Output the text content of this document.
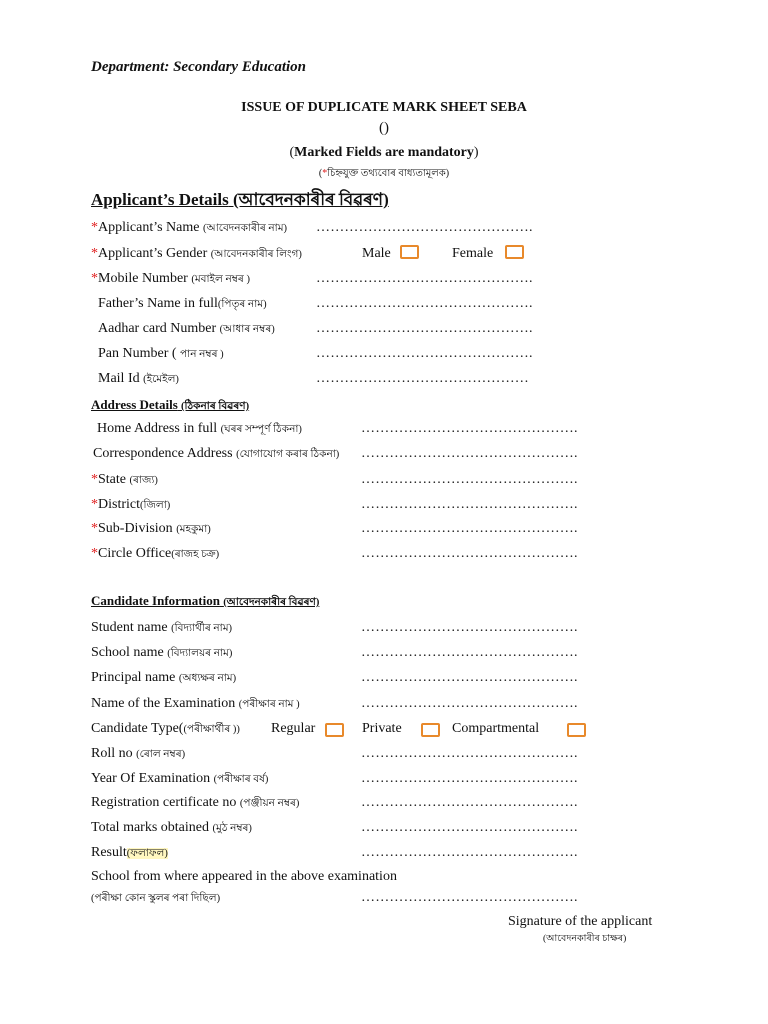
Department: Secondary Education
ISSUE OF DUPLICATE MARK SHEET SEBA
()
(Marked Fields are mandatory)
(*চিহ্নযুক্ত তথ্যবোৰ বাধ্যতামূলক)
Applicant’s Details (আবেদনকাৰীৰ বিৱৰণ)
*Applicant’s Name (আবেদনকাৰীৰ নাম) ……………………………………….
*Applicant’s Gender (আবেদনকাৰীৰ লিংগ)	Male	Female
*Mobile Number (মবাইল নম্বৰ )	……………………………………….
Father’s Name in full(পিতৃৰ নাম)	……………………………………….
Aadhar card Number (আধাৰ নম্বৰ)	……………………………………….
Pan Number ( পান নম্বৰ )	……………………………………….
Mail Id (ইমেইল)	………………………………………
Address Details (ঠিকনাৰ বিৱৰণ)
Home Address in full (ঘৰৰ সম্পূৰ্ণ ঠিকনা)	……………………………………….
Correspondence Address (যোগাযোগ কৰাৰ ঠিকনা) ……………………………………….
*State (ৰাজ্য)	……………………………………….
*District(জিলা)	……………………………………….
*Sub-Division (মহকুমা)	……………………………………….
*Circle Office(ৰাজহ চক্ৰ)	……………………………………….
Candidate Information (আবেদনকাৰীৰ বিৱৰণ)
Student name (বিদ্যাৰ্থীৰ নাম)	……………………………………….
School name (বিদ্যালয়ৰ নাম)	……………………………………….
Principal name (অধ্যক্ষৰ নাম)	……………………………………….
Name of the Examination (পৰীক্ষাৰ নাম )	……………………………………….
Candidate Type((পৰীক্ষাৰ্থীৰ )) Regular	Private	Compartmental
Roll no (ৰোল নম্বৰ)	……………………………………….
Year Of Examination (পৰীক্ষাৰ বৰ্ষ)	……………………………………….
Registration certificate no (পঞ্জীয়ন নম্বৰ)	……………………………………….
Total marks obtained (মুঠ নম্বৰ)	……………………………………….
Result(ফলাফল)	……………………………………….
School from where appeared in the above examination
(পৰীক্ষা কোন স্কুলৰ পৰা দিছিল)	……………………………………….
Signature of the applicant
(আবেদনকাৰীৰ চাক্ষৰ)
